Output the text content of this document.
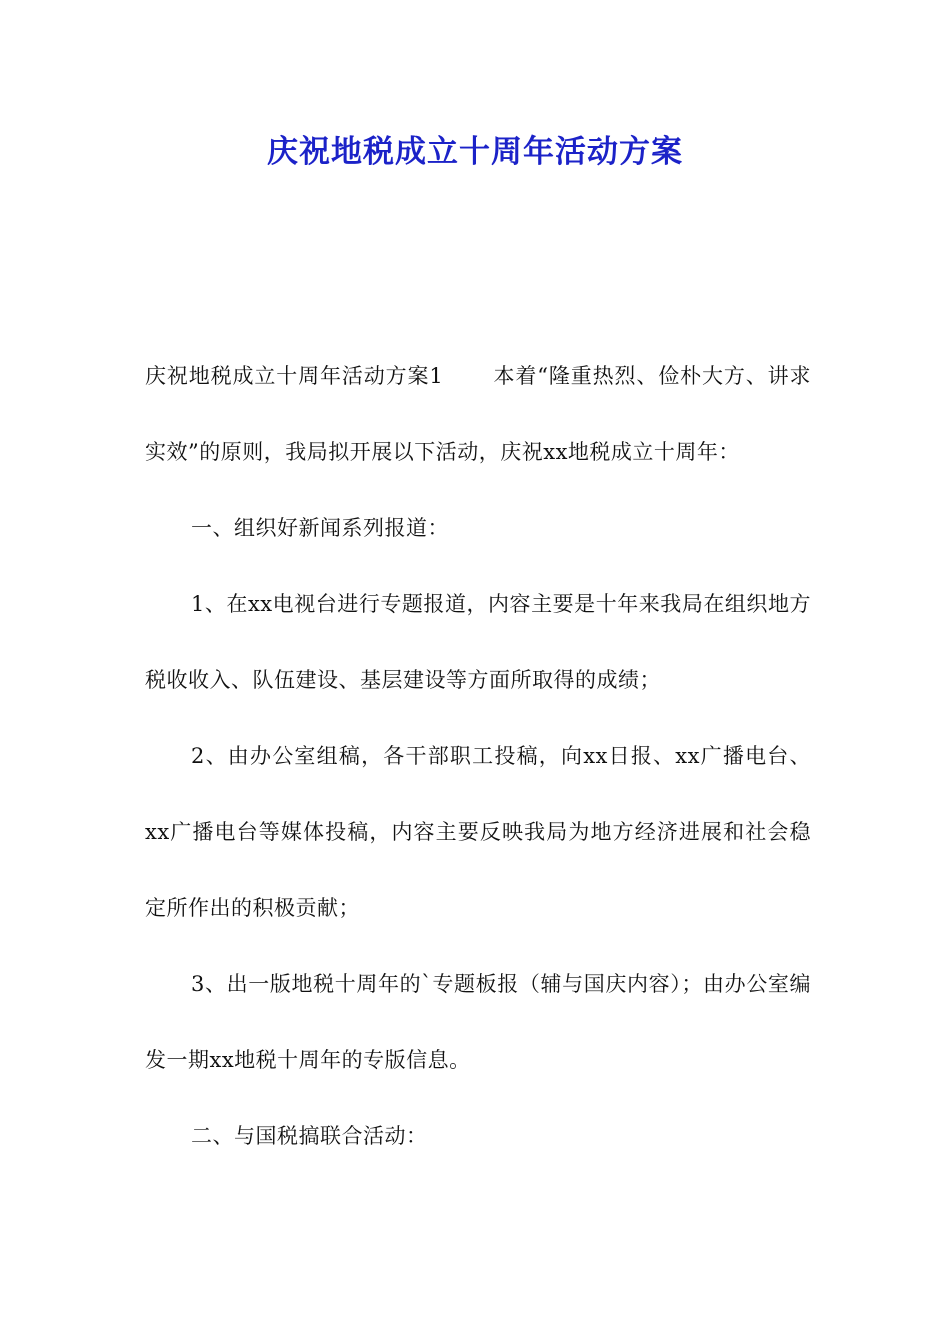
庆祝地税成立十周年活动方案

庆祝地税成立十周年活动方案1 本着“隆重热烈、俭朴大方、讲求实效”的原则，我局拟开展以下活动，庆祝xx地税成立十周年：

一、组织好新闻系列报道：

1、在xx电视台进行专题报道，内容主要是十年来我局在组织地方税收收入、队伍建设、基层建设等方面所取得的成绩；

2、由办公室组稿，各干部职工投稿，向xx日报、xx广播电台、xx广播电台等媒体投稿，内容主要反映我局为地方经济进展和社会稳定所作出的积极贡献；

3、出一版地税十周年的`专题板报（辅与国庆内容）；由办公室编发一期xx地税十周年的专版信息。

二、与国税搞联合活动：
